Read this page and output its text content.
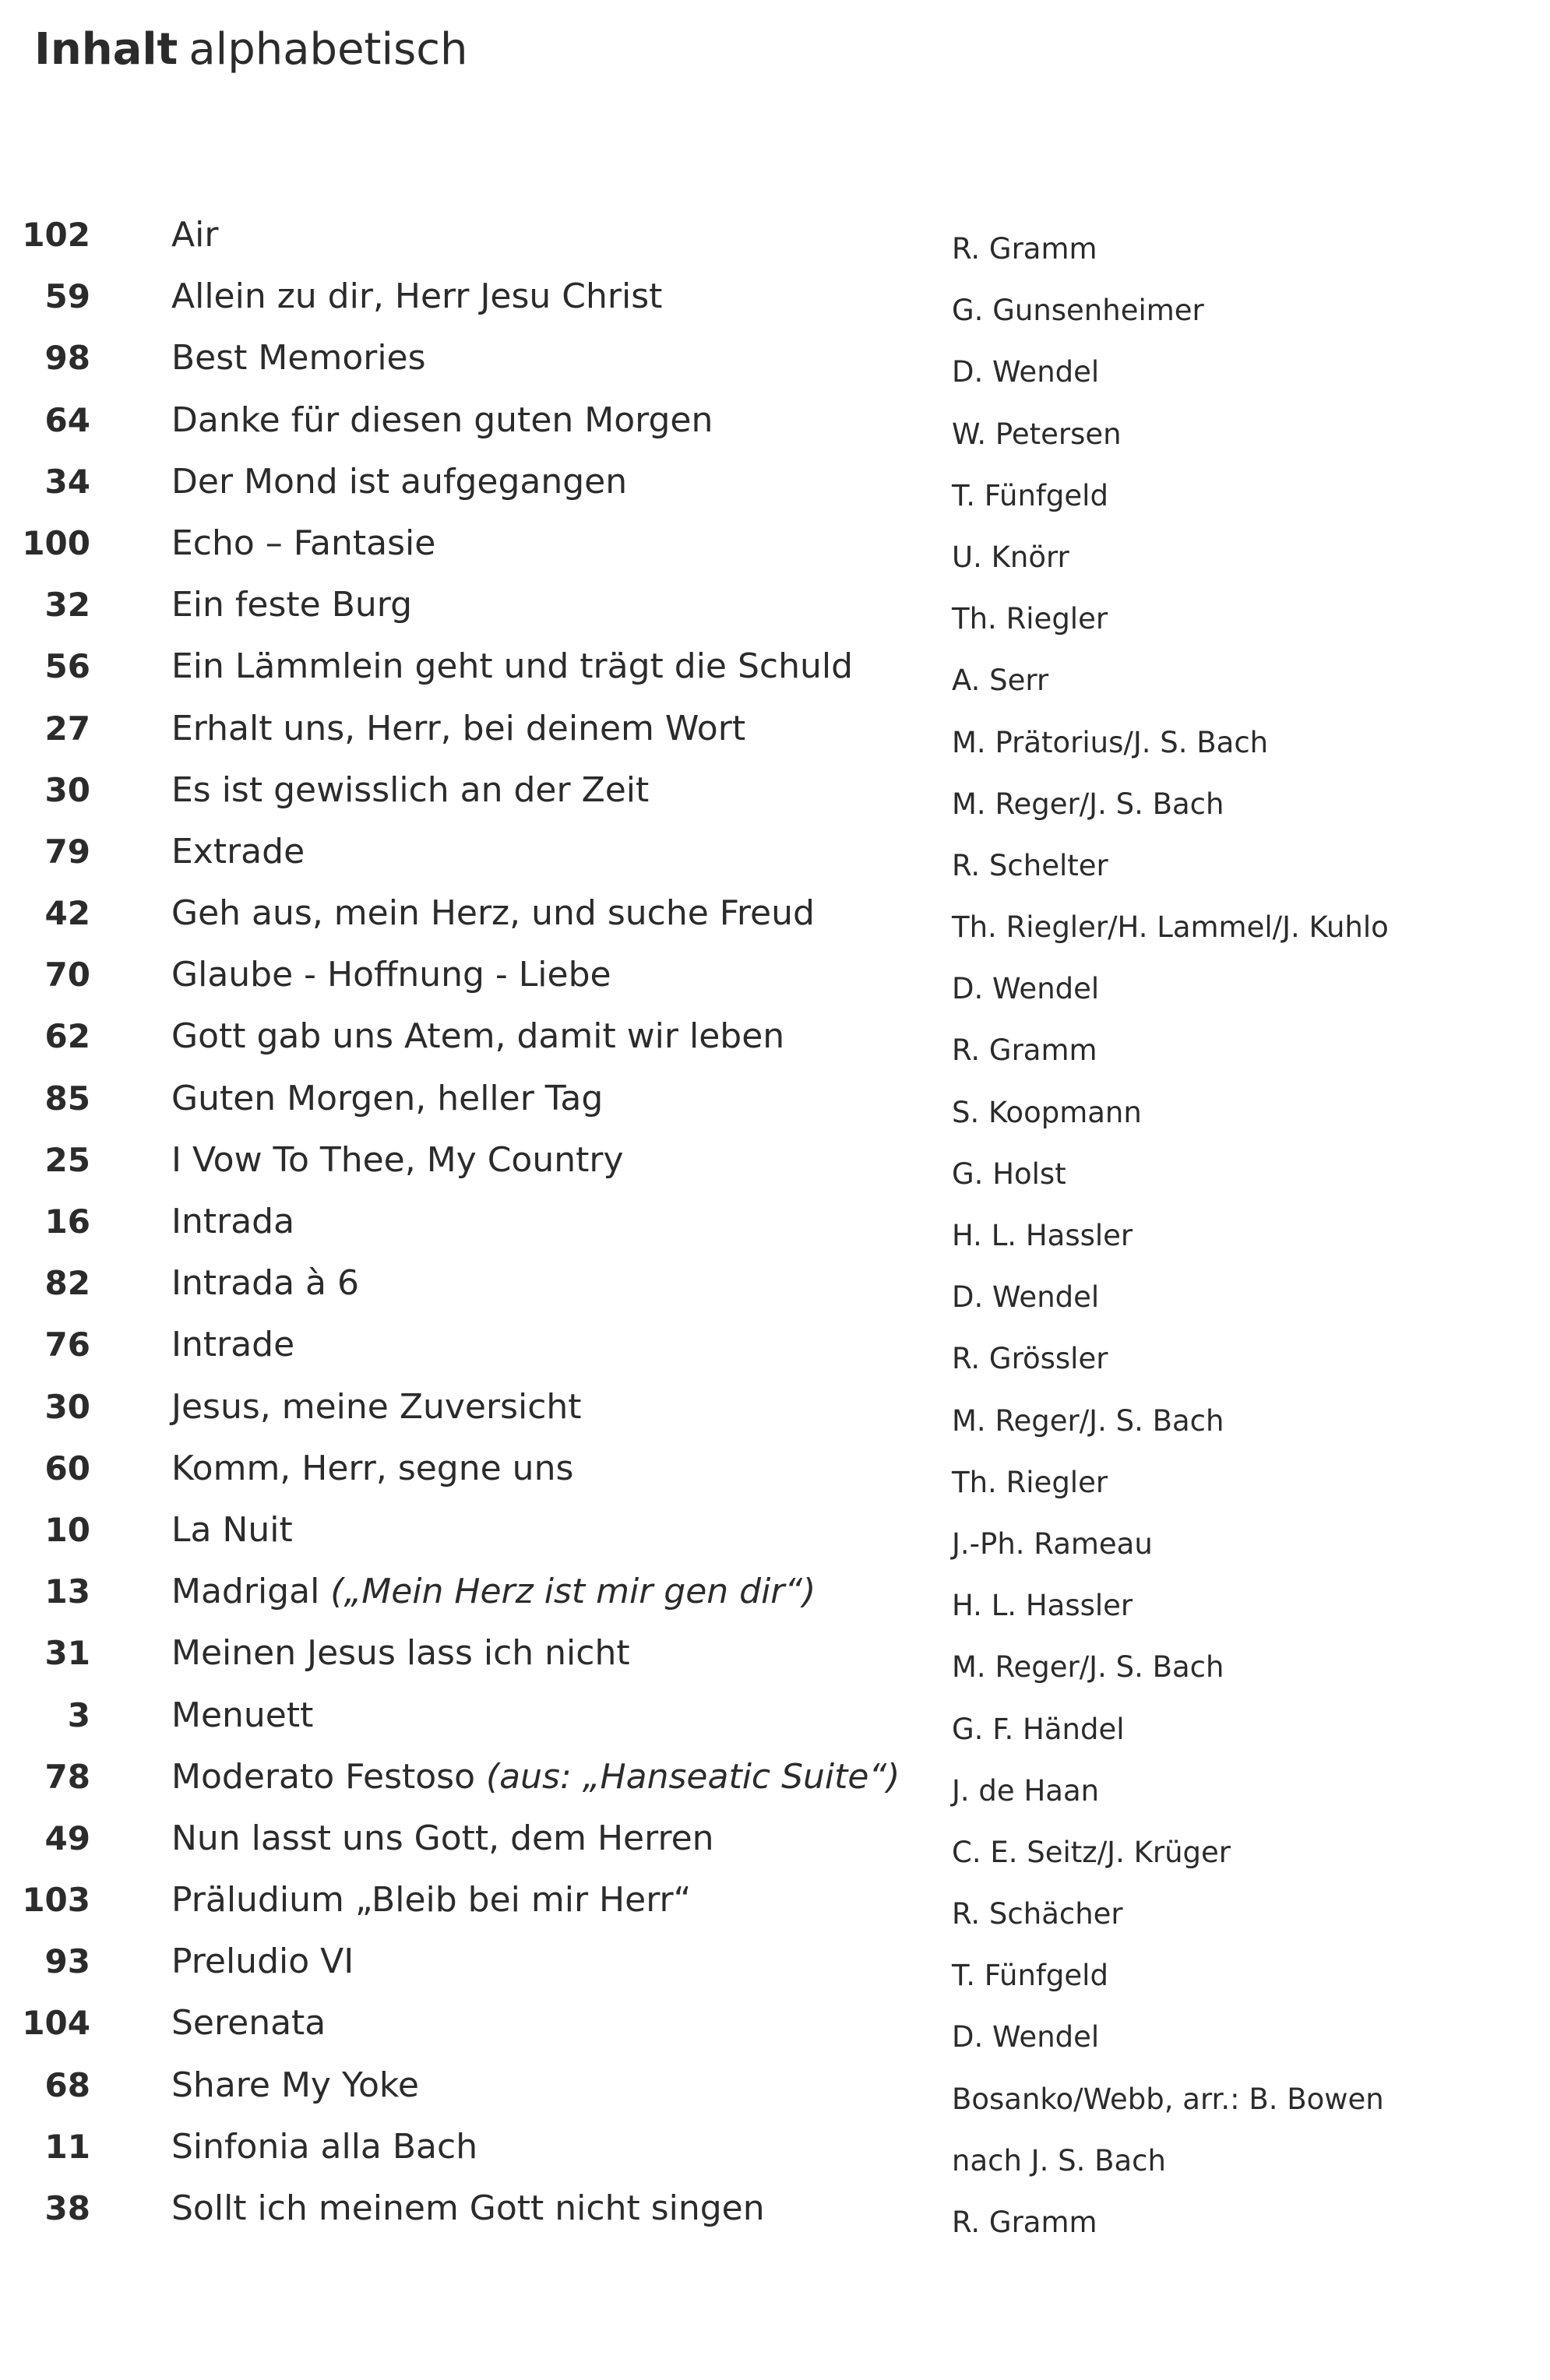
Inhalt alphabetisch
102 Air	R. Gramm
59 Allein zu dir, Herr Jesu Christ	G. Gunsenheimer
98 Best Memories	D. Wendel
64 Danke für diesen guten Morgen	W. Petersen
34 Der Mond ist aufgegangen	T. Fünfgeld
100 Echo – Fantasie	U. Knörr
32 Ein feste Burg	Th. Riegler
56 Ein Lämmlein geht und trägt die Schuld	A. Serr
27 Erhalt uns, Herr, bei deinem Wort	M. Prätorius/J. S. Bach
30 Es ist gewisslich an der Zeit	M. Reger/J. S. Bach
79 Extrade	R. Schelter
42 Geh aus, mein Herz, und suche Freud	Th. Riegler/H. Lammel/J. Kuhlo
70 Glaube - Hoffnung - Liebe	D. Wendel
62 Gott gab uns Atem, damit wir leben	R. Gramm
85 Guten Morgen, heller Tag	S. Koopmann
25 I Vow To Thee, My Country	G. Holst
16 Intrada	H. L. Hassler
82 Intrada à 6	D. Wendel
76 Intrade	R. Grössler
30 Jesus, meine Zuversicht	M. Reger/J. S. Bach
60 Komm, Herr, segne uns	Th. Riegler
10 La Nuit	J.-Ph. Rameau
13 Madrigal („Mein Herz ist mir gen dir“)	H. L. Hassler
31 Meinen Jesus lass ich nicht	M. Reger/J. S. Bach
3 Menuett	G. F. Händel
78 Moderato Festoso (aus: „Hanseatic Suite“) J. de Haan
49 Nun lasst uns Gott, dem Herren	C. E. Seitz/J. Krüger
103 Präludium „Bleib bei mir Herr“	R. Schächer
93 Preludio VI	T. Fünfgeld
104 Serenata	D. Wendel
68 Share My Yoke	Bosanko/Webb, arr.: B. Bowen
11 Sinfonia alla Bach	nach J. S. Bach
38 Sollt ich meinem Gott nicht singen	R. Gramm
